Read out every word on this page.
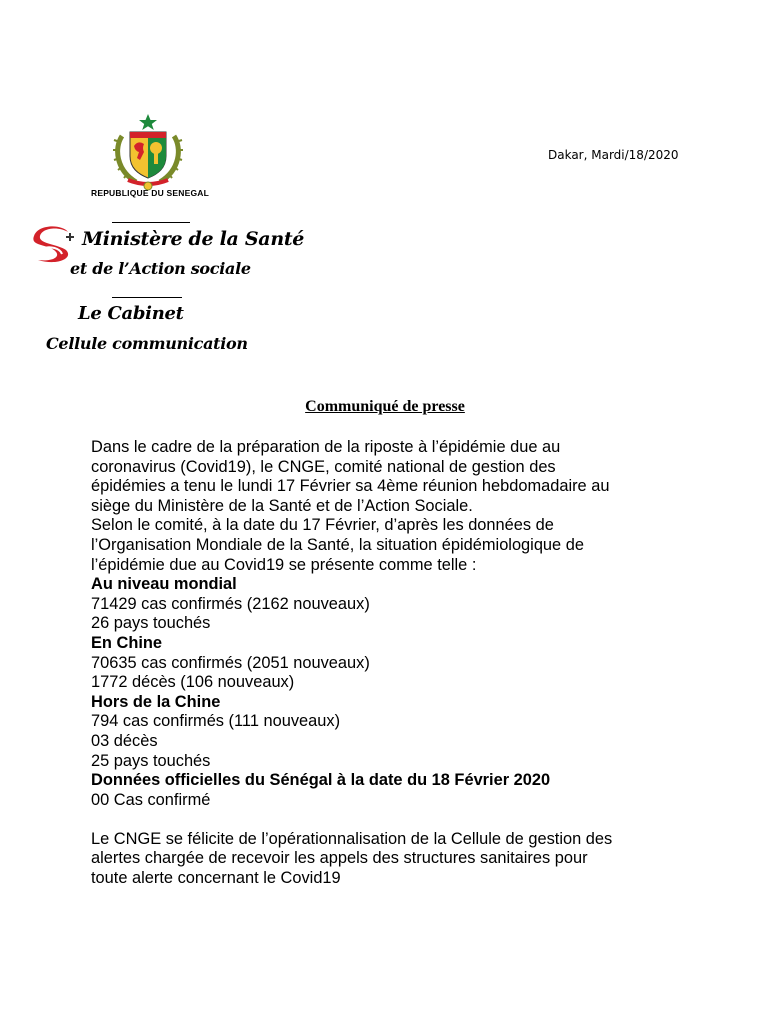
REPUBLIQUE DU SENEGAL
Dakar, Mardi/18/2020
Ministère de la Santé
et de l’Action sociale
Le Cabinet
Cellule communication
Communiqué de presse

Dans le cadre de la préparation de la riposte à l’épidémie due au

coronavirus (Covid19), le CNGE, comité national de gestion des

épidémies a tenu le lundi 17 Février sa 4ème réunion hebdomadaire au

siège du Ministère de la Santé et de l’Action Sociale.

Selon le comité, à la date du 17 Février, d’après les données de

l’Organisation Mondiale de la Santé, la situation épidémiologique de

l’épidémie due au Covid19 se présente comme telle :

Au niveau mondial

71429 cas confirmés (2162 nouveaux)

26 pays touchés

En Chine

70635 cas confirmés (2051 nouveaux)

1772 décès (106 nouveaux)

Hors de la Chine

794 cas confirmés (111 nouveaux)

03 décès

25 pays touchés

Données officielles du Sénégal à la date du 18 Février 2020

00 Cas confirmé

Le CNGE se félicite de l’opérationnalisation de la Cellule de gestion des

alertes chargée de recevoir les appels des structures sanitaires pour

toute alerte concernant le Covid19
